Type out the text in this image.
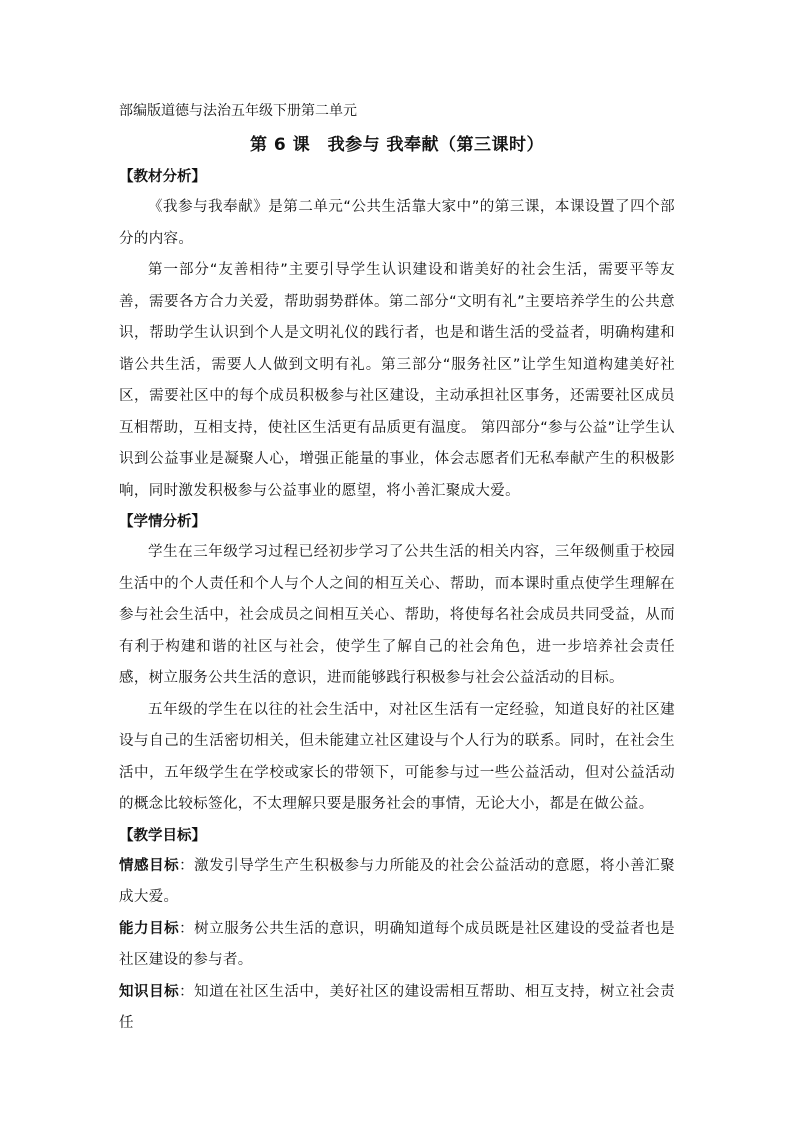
部编版道德与法治五年级下册第二单元

第 6 课　我参与 我奉献（第三课时）

【教材分析】

《我参与我奉献》是第二单元“公共生活靠大家中”的第三课，本课设置了四个部分的内容。

第一部分“友善相待”主要引导学生认识建设和谐美好的社会生活，需要平等友善，需要各方合力关爱，帮助弱势群体。第二部分“文明有礼”主要培养学生的公共意识，帮助学生认识到个人是文明礼仪的践行者，也是和谐生活的受益者，明确构建和谐公共生活，需要人人做到文明有礼。第三部分“服务社区”让学生知道构建美好社区，需要社区中的每个成员积极参与社区建设，主动承担社区事务，还需要社区成员互相帮助，互相支持，使社区生活更有品质更有温度。 第四部分“参与公益”让学生认识到公益事业是凝聚人心，增强正能量的事业，体会志愿者们无私奉献产生的积极影响，同时激发积极参与公益事业的愿望，将小善汇聚成大爱。

【学情分析】

学生在三年级学习过程已经初步学习了公共生活的相关内容，三年级侧重于校园生活中的个人责任和个人与个人之间的相互关心、帮助，而本课时重点使学生理解在参与社会生活中，社会成员之间相互关心、帮助，将使每名社会成员共同受益，从而有利于构建和谐的社区与社会，使学生了解自己的社会角色，进一步培养社会责任感，树立服务公共生活的意识，进而能够践行积极参与社会公益活动的目标。

五年级的学生在以往的社会生活中，对社区生活有一定经验，知道良好的社区建设与自己的生活密切相关，但未能建立社区建设与个人行为的联系。同时，在社会生活中，五年级学生在学校或家长的带领下，可能参与过一些公益活动，但对公益活动的概念比较标签化，不太理解只要是服务社会的事情，无论大小，都是在做公益。

【教学目标】

情感目标：激发引导学生产生积极参与力所能及的社会公益活动的意愿，将小善汇聚成大爱。

能力目标：树立服务公共生活的意识，明确知道每个成员既是社区建设的受益者也是社区建设的参与者。

知识目标：知道在社区生活中，美好社区的建设需相互帮助、相互支持，树立社会责任
